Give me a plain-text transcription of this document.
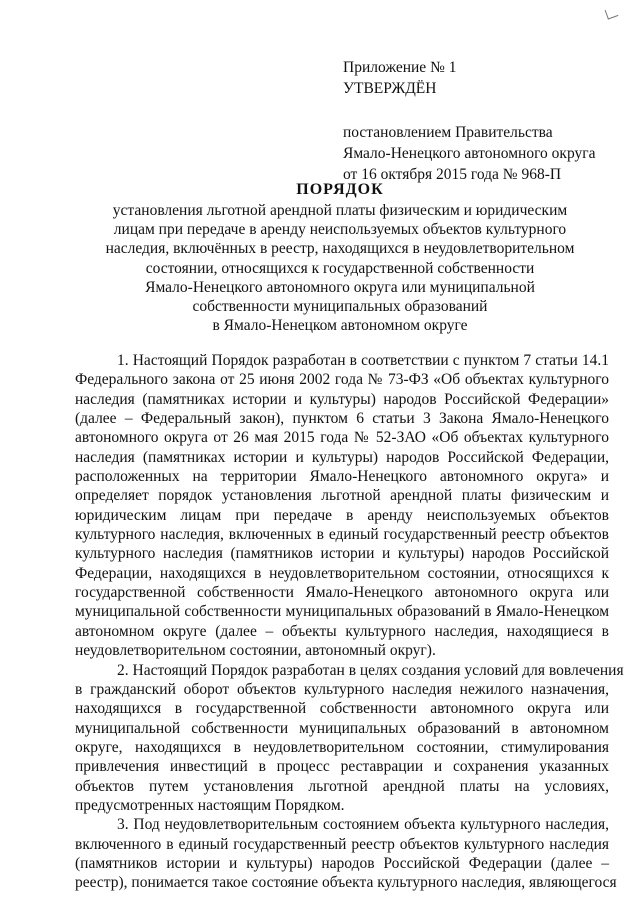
Приложение № 1
УТВЕРЖДЁН
постановлением Правительства
Ямало-Ненецкого автономного округа
от 16 октября 2015 года № 968-П
ПОРЯДОК
установления льготной арендной платы физическим и юридическим
лицам при передаче в аренду неиспользуемых объектов культурного
наследия, включённых в реестр, находящихся в неудовлетворительном
состоянии, относящихся к государственной собственности
Ямало-Ненецкого автономного округа или муниципальной
собственности муниципальных образований
в Ямало-Ненецком автономном округе
1. Настоящий Порядок разработан в соответствии с пунктом 7 статьи 14.1
Федерального закона от 25 июня 2002 года № 73-ФЗ «Об объектах культурного
наследия (памятниках истории и культуры) народов Российской Федерации»
(далее – Федеральный закон), пунктом 6 статьи 3 Закона Ямало-Ненецкого
автономного округа от 26 мая 2015 года № 52-ЗАО «Об объектах культурного
наследия (памятниках истории и культуры) народов Российской Федерации,
расположенных на территории Ямало-Ненецкого автономного округа» и
определяет порядок установления льготной арендной платы физическим и
юридическим лицам при передаче в аренду неиспользуемых объектов
культурного наследия, включенных в единый государственный реестр объектов
культурного наследия (памятников истории и культуры) народов Российской
Федерации, находящихся в неудовлетворительном состоянии, относящихся к
государственной собственности Ямало-Ненецкого автономного округа или
муниципальной собственности муниципальных образований в Ямало-Ненецком
автономном округе (далее – объекты культурного наследия, находящиеся в
неудовлетворительном состоянии, автономный округ).
2. Настоящий Порядок разработан в целях создания условий для вовлечения
в гражданский оборот объектов культурного наследия нежилого назначения,
находящихся в государственной собственности автономного округа или
муниципальной собственности муниципальных образований в автономном
округе, находящихся в неудовлетворительном состоянии, стимулирования
привлечения инвестиций в процесс реставрации и сохранения указанных
объектов путем установления льготной арендной платы на условиях,
предусмотренных настоящим Порядком.
3. Под неудовлетворительным состоянием объекта культурного наследия,
включенного в единый государственный реестр объектов культурного наследия
(памятников истории и культуры) народов Российской Федерации (далее –
реестр), понимается такое состояние объекта культурного наследия, являющегося
